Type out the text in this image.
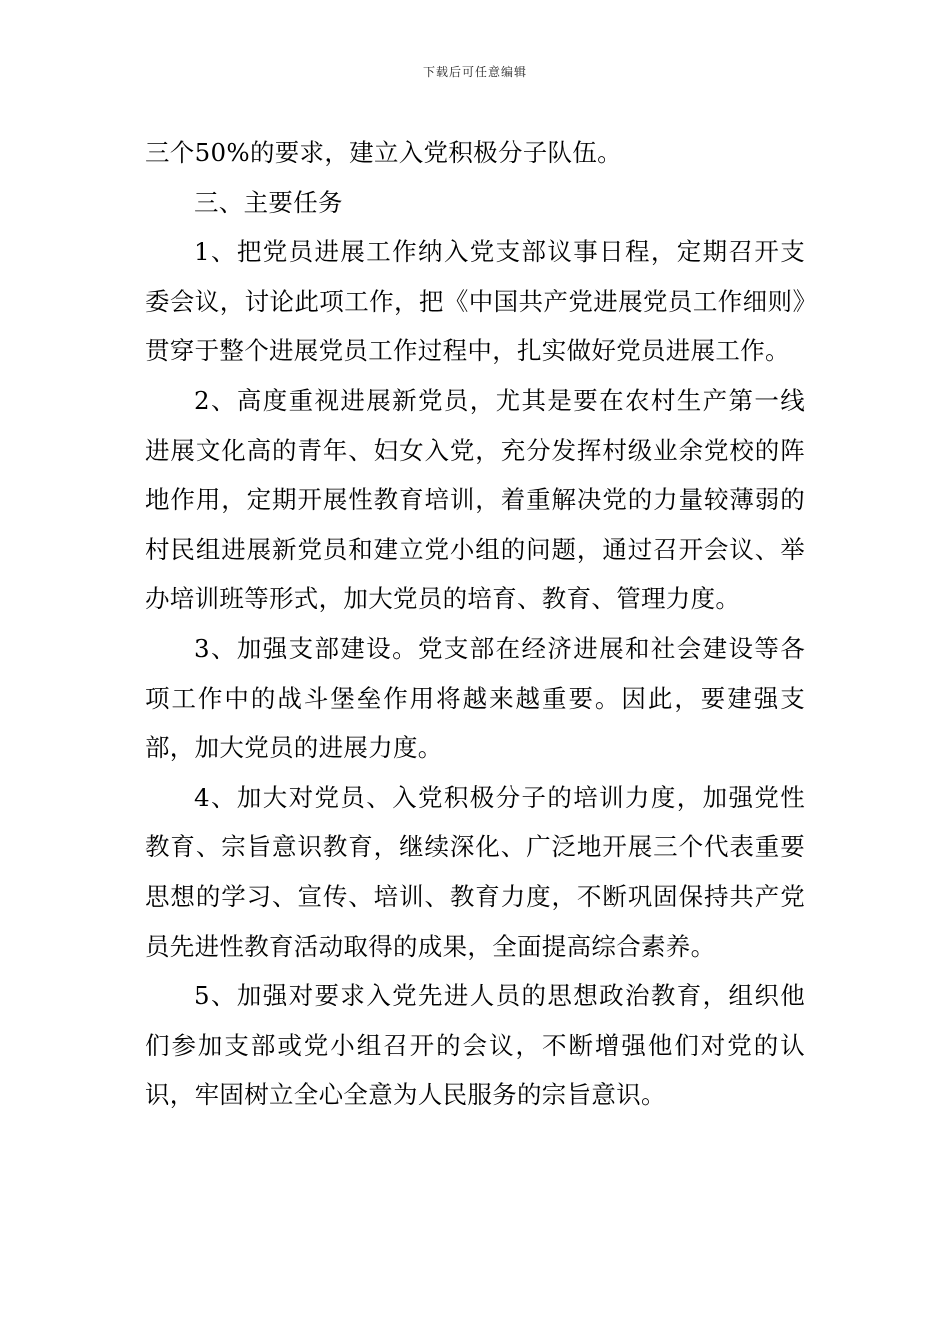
下载后可任意编辑

三个50%的要求，建立入党积极分子队伍。

三、主要任务

1、把党员进展工作纳入党支部议事日程，定期召开支委会议，讨论此项工作，把《中国共产党进展党员工作细则》贯穿于整个进展党员工作过程中，扎实做好党员进展工作。

2、高度重视进展新党员，尤其是要在农村生产第一线进展文化高的青年、妇女入党，充分发挥村级业余党校的阵地作用，定期开展性教育培训，着重解决党的力量较薄弱的村民组进展新党员和建立党小组的问题，通过召开会议、举办培训班等形式，加大党员的培育、教育、管理力度。

3、加强支部建设。党支部在经济进展和社会建设等各项工作中的战斗堡垒作用将越来越重要。因此，要建强支部，加大党员的进展力度。

4、加大对党员、入党积极分子的培训力度，加强党性教育、宗旨意识教育，继续深化、广泛地开展三个代表重要思想的学习、宣传、培训、教育力度，不断巩固保持共产党员先进性教育活动取得的成果，全面提高综合素养。

5、加强对要求入党先进人员的思想政治教育，组织他们参加支部或党小组召开的会议，不断增强他们对党的认识，牢固树立全心全意为人民服务的宗旨意识。
